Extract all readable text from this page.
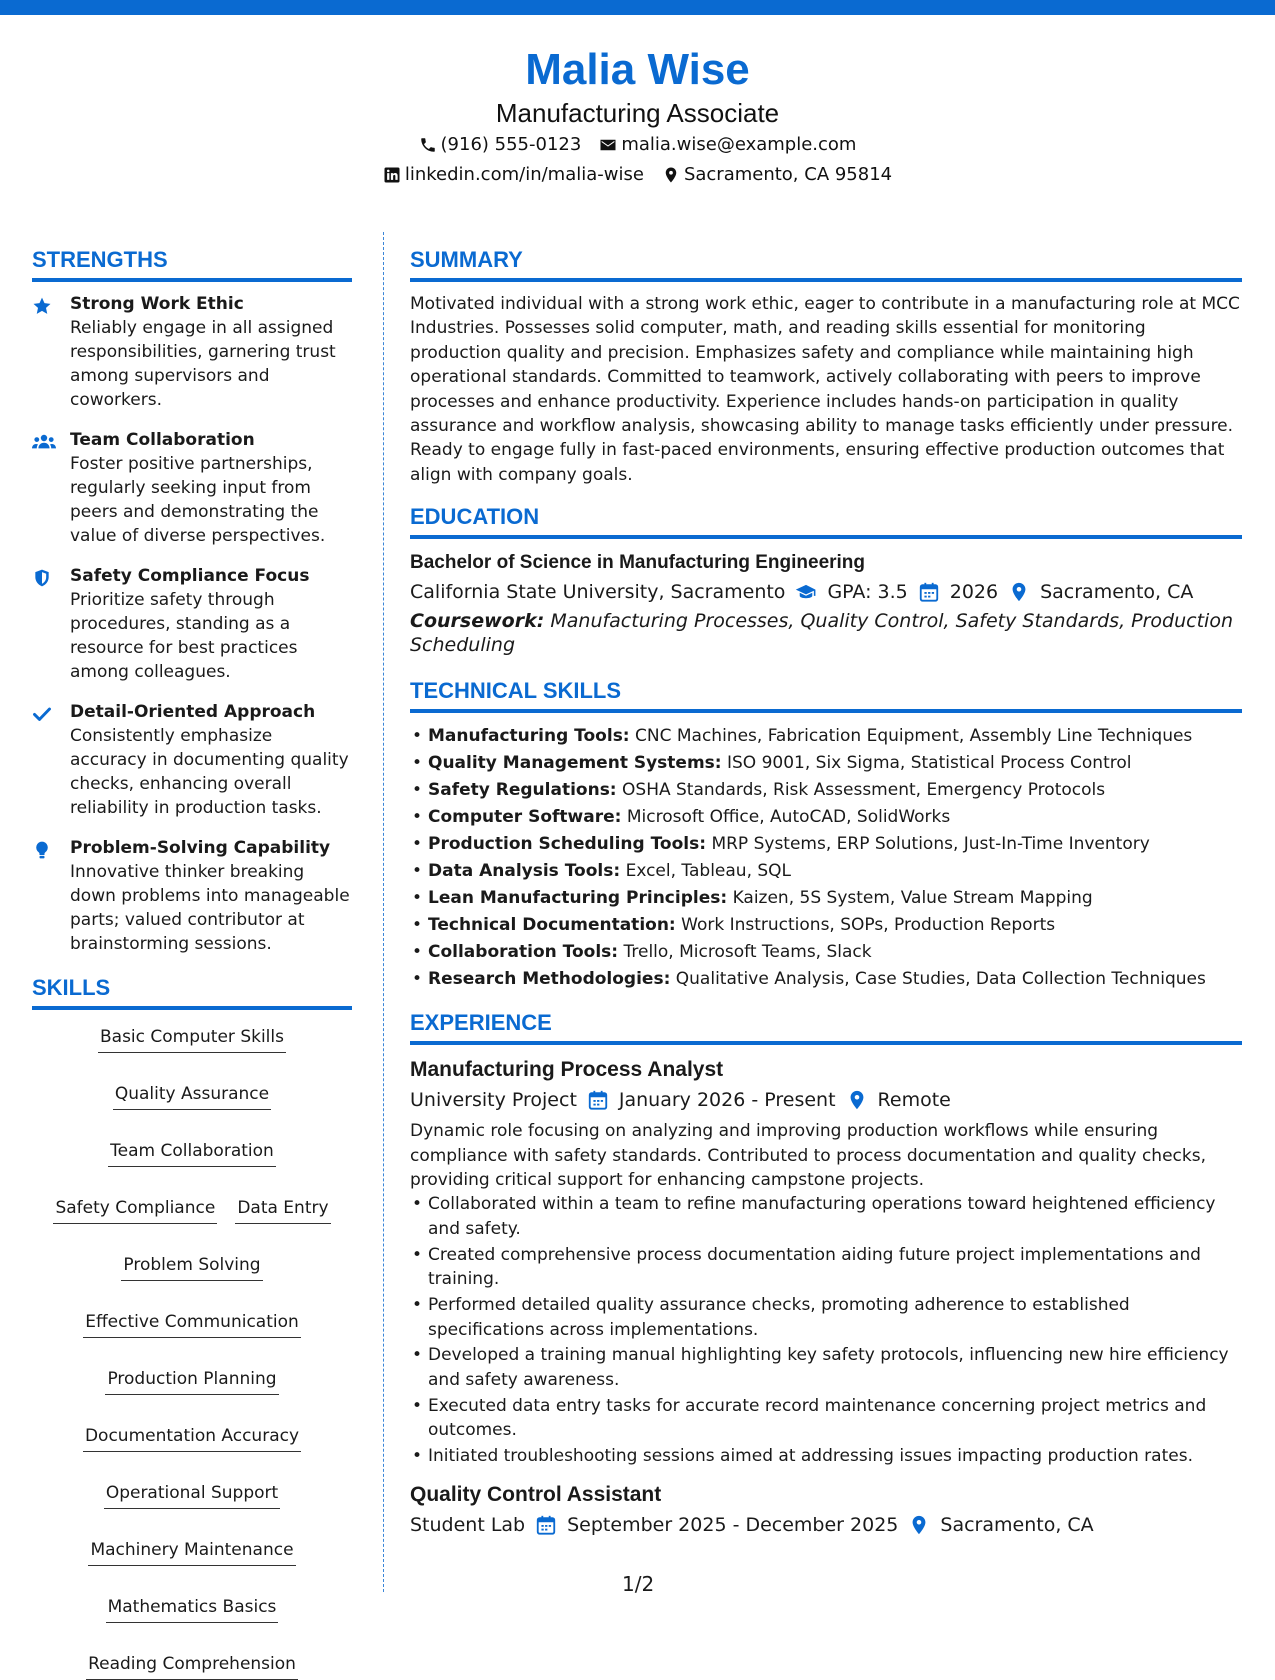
Malia Wise
Manufacturing Associate
(916) 555-0123 malia.wise@example.com
linkedin.com/in/malia-wise Sacramento, CA 95814
STRENGTHS
Strong Work Ethic
Reliably engage in all assigned responsibilities, garnering trust among supervisors and coworkers.
Team Collaboration
Foster positive partnerships, regularly seeking input from peers and demonstrating the value of diverse perspectives.
Safety Compliance Focus
Prioritize safety through procedures, standing as a resource for best practices among colleagues.
Detail-Oriented Approach
Consistently emphasize accuracy in documenting quality checks, enhancing overall reliability in production tasks.
Problem-Solving Capability
Innovative thinker breaking down problems into manageable parts; valued contributor at brainstorming sessions.
SKILLS
Basic Computer Skills
Quality Assurance
Team Collaboration
Safety Compliance Data Entry
Problem Solving
Effective Communication
Production Planning
Documentation Accuracy
Operational Support
Machinery Maintenance
Mathematics Basics
Reading Comprehension
SUMMARY
Motivated individual with a strong work ethic, eager to contribute in a manufacturing role at MCC Industries. Possesses solid computer, math, and reading skills essential for monitoring production quality and precision. Emphasizes safety and compliance while maintaining high operational standards. Committed to teamwork, actively collaborating with peers to improve processes and enhance productivity. Experience includes hands-on participation in quality assurance and workflow analysis, showcasing ability to manage tasks efficiently under pressure. Ready to engage fully in fast-paced environments, ensuring effective production outcomes that align with company goals.
EDUCATION
Bachelor of Science in Manufacturing Engineering
California State University, Sacramento GPA: 3.5 2026 Sacramento, CA
Coursework: Manufacturing Processes, Quality Control, Safety Standards, Production Scheduling
TECHNICAL SKILLS
• Manufacturing Tools: CNC Machines, Fabrication Equipment, Assembly Line Techniques
• Quality Management Systems: ISO 9001, Six Sigma, Statistical Process Control
• Safety Regulations: OSHA Standards, Risk Assessment, Emergency Protocols
• Computer Software: Microsoft Office, AutoCAD, SolidWorks
• Production Scheduling Tools: MRP Systems, ERP Solutions, Just-In-Time Inventory
• Data Analysis Tools: Excel, Tableau, SQL
• Lean Manufacturing Principles: Kaizen, 5S System, Value Stream Mapping
• Technical Documentation: Work Instructions, SOPs, Production Reports
• Collaboration Tools: Trello, Microsoft Teams, Slack
• Research Methodologies: Qualitative Analysis, Case Studies, Data Collection Techniques
EXPERIENCE
Manufacturing Process Analyst
University Project January 2026 - Present Remote
Dynamic role focusing on analyzing and improving production workflows while ensuring compliance with safety standards. Contributed to process documentation and quality checks, providing critical support for enhancing campstone projects.
• Collaborated within a team to refine manufacturing operations toward heightened efficiency and safety.
• Created comprehensive process documentation aiding future project implementations and training.
• Performed detailed quality assurance checks, promoting adherence to established specifications across implementations.
• Developed a training manual highlighting key safety protocols, influencing new hire efficiency and safety awareness.
• Executed data entry tasks for accurate record maintenance concerning project metrics and outcomes.
• Initiated troubleshooting sessions aimed at addressing issues impacting production rates.
Quality Control Assistant
Student Lab September 2025 - December 2025 Sacramento, CA
1/2
